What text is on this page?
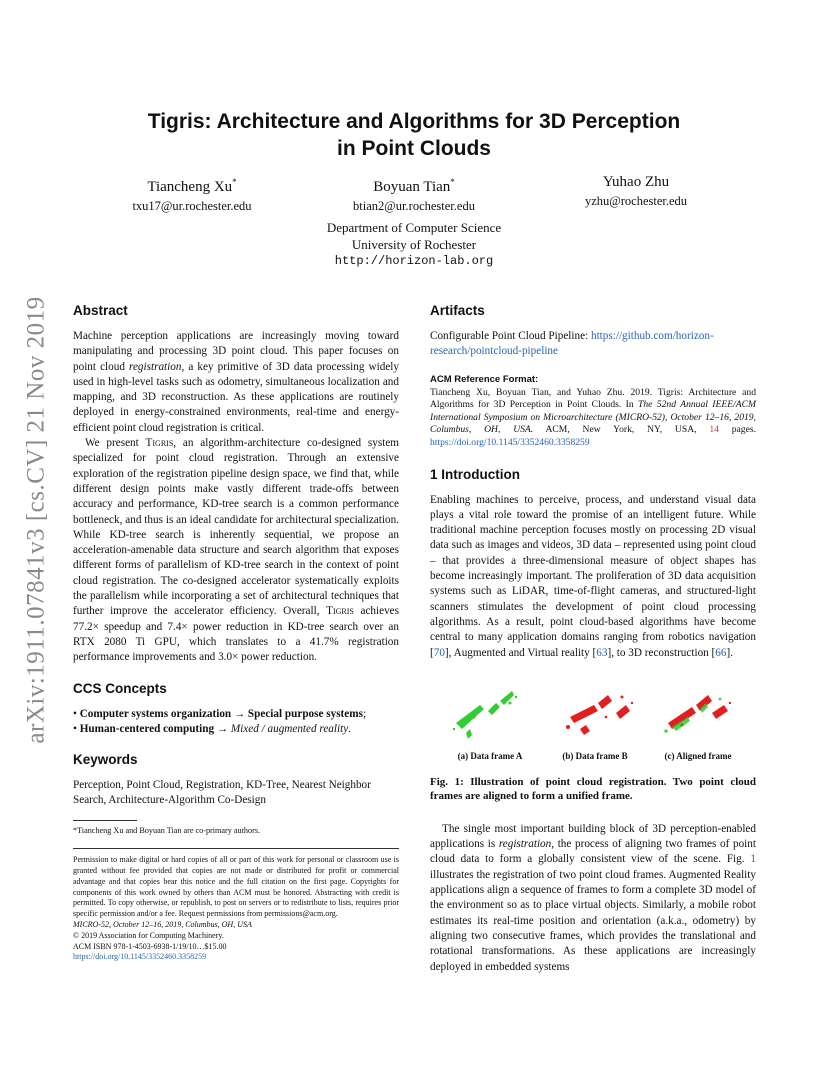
arXiv:1911.07841v3 [cs.CV] 21 Nov 2019
Tigris: Architecture and Algorithms for 3D Perception
in Point Clouds
Tiancheng Xu*
txu17@ur.rochester.edu
Boyuan Tian*
btian2@ur.rochester.edu
Yuhao Zhu
yzhu@rochester.edu
Department of Computer Science
University of Rochester
http://horizon-lab.org
Abstract

Machine perception applications are increasingly moving toward manipulating and processing 3D point cloud. This paper focuses on point cloud registration, a key primitive of 3D data processing widely used in high-level tasks such as odometry, simultaneous localization and mapping, and 3D reconstruction. As these applications are routinely deployed in energy-constrained environments, real-time and energy-efficient point cloud registration is critical.

We present Tigris, an algorithm-architecture co-designed system specialized for point cloud registration. Through an extensive exploration of the registration pipeline design space, we find that, while different design points make vastly different trade-offs between accuracy and performance, KD-tree search is a common performance bottleneck, and thus is an ideal candidate for architectural specialization. While KD-tree search is inherently sequential, we propose an acceleration-amenable data structure and search algorithm that exposes different forms of parallelism of KD-tree search in the context of point cloud registration. The co-designed accelerator systematically exploits the parallelism while incorporating a set of architectural techniques that further improve the accelerator efficiency. Overall, Tigris achieves 77.2× speedup and 7.4× power reduction in KD-tree search over an RTX 2080 Ti GPU, which translates to a 41.7% registration performance improvements and 3.0× power reduction.

CCS Concepts
• Computer systems organization → Special purpose systems;
• Human-centered computing → Mixed / augmented reality.
Keywords

Perception, Point Cloud, Registration, KD-Tree, Nearest Neighbor Search, Architecture-Algorithm Co-Design

*Tiancheng Xu and Boyuan Tian are co-primary authors.
Permission to make digital or hard copies of all or part of this work for personal or classroom use is granted without fee provided that copies are not made or distributed for profit or commercial advantage and that copies bear this notice and the full citation on the first page. Copyrights for components of this work owned by others than ACM must be honored. Abstracting with credit is permitted. To copy otherwise, or republish, to post on servers or to redistribute to lists, requires prior specific permission and/or a fee. Request permissions from permissions@acm.org.
MICRO-52, October 12–16, 2019, Columbus, OH, USA
© 2019 Association for Computing Machinery.
ACM ISBN 978-1-4503-6938-1/19/10…$15.00
https://doi.org/10.1145/3352460.3358259
Artifacts

Configurable Point Cloud Pipeline: https://github.com/horizon-research/pointcloud-pipeline

ACM Reference Format:

Tiancheng Xu, Boyuan Tian, and Yuhao Zhu. 2019. Tigris: Architecture and Algorithms for 3D Perception in Point Clouds. In The 52nd Annual IEEE/ACM International Symposium on Microarchitecture (MICRO-52), October 12–16, 2019, Columbus, OH, USA. ACM, New York, NY, USA, 14 pages. https://doi.org/10.1145/3352460.3358259

1 Introduction

Enabling machines to perceive, process, and understand visual data plays a vital role toward the promise of an intelligent future. While traditional machine perception focuses mostly on processing 2D visual data such as images and videos, 3D data – represented using point cloud – that provides a three-dimensional measure of object shapes has become increasingly important. The proliferation of 3D data acquisition systems such as LiDAR, time-of-flight cameras, and structured-light scanners stimulates the development of point cloud processing algorithms. As a result, point cloud-based algorithms have become central to many application domains ranging from robotics navigation [70], Augmented and Virtual reality [63], to 3D reconstruction [66].

(a) Data frame A	(b) Data frame B	(c) Aligned frame

Fig. 1: Illustration of point cloud registration. Two point cloud frames are aligned to form a unified frame.

The single most important building block of 3D perception-enabled applications is registration, the process of aligning two frames of point cloud data to form a globally consistent view of the scene. Fig. 1 illustrates the registration of two point cloud frames. Augmented Reality applications align a sequence of frames to form a complete 3D model of the environment so as to place virtual objects. Similarly, a mobile robot estimates its real-time position and orientation (a.k.a., odometry) by aligning two consecutive frames, which provides the translational and rotational transformations. As these applications are increasingly deployed in embedded systems
